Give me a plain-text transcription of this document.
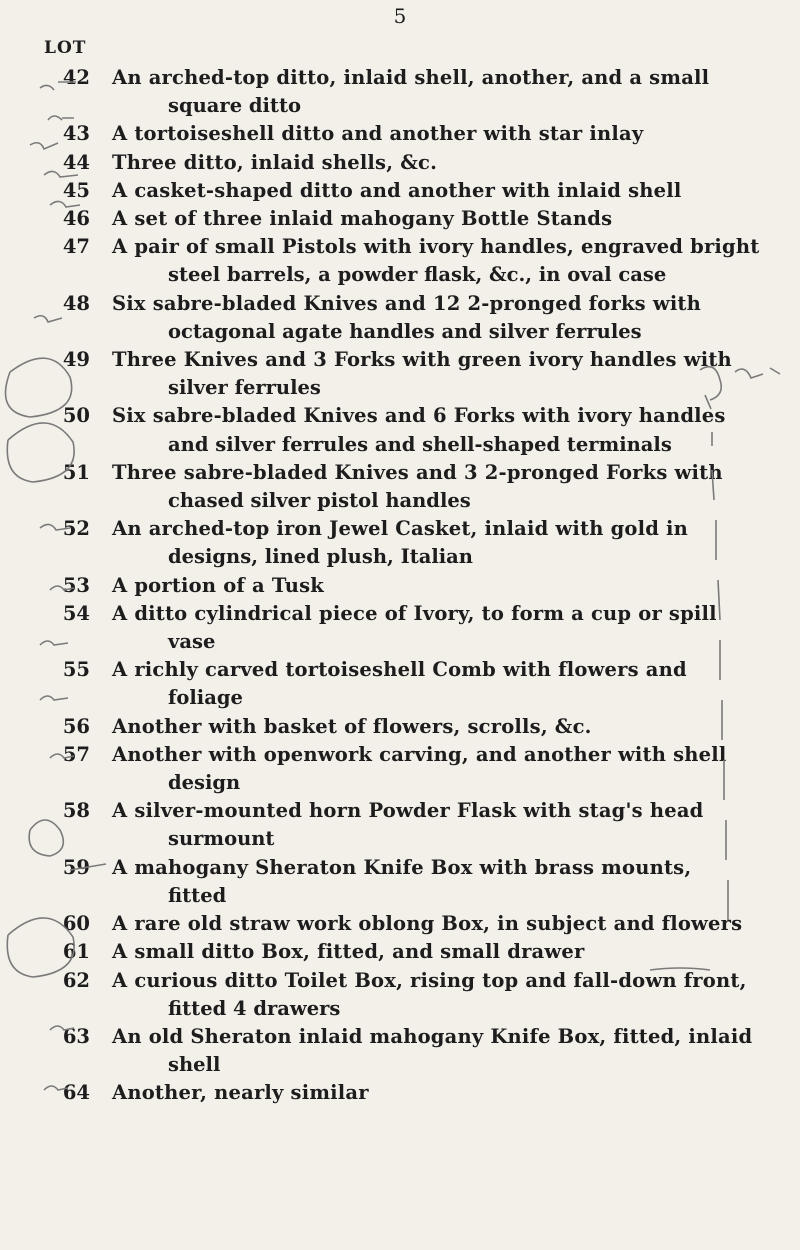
5
LOT
42 An arched-top ditto, inlaid shell, another, and a small
square ditto
43 A tortoiseshell ditto and another with star inlay
44 Three ditto, inlaid shells, &c.
45 A casket-shaped ditto and another with inlaid shell
46 A set of three inlaid mahogany Bottle Stands
47 A pair of small Pistols with ivory handles, engraved bright
steel barrels, a powder flask, &c., in oval case
48 Six sabre-bladed Knives and 12 2-pronged forks with
octagonal agate handles and silver ferrules
49 Three Knives and 3 Forks with green ivory handles with
silver ferrules
50 Six sabre-bladed Knives and 6 Forks with ivory handles
and silver ferrules and shell-shaped terminals
51 Three sabre-bladed Knives and 3 2-pronged Forks with
chased silver pistol handles
52 An arched-top iron Jewel Casket, inlaid with gold in
designs, lined plush, Italian
53 A portion of a Tusk
54 A ditto cylindrical piece of Ivory, to form a cup or spill
vase
55 A richly carved tortoiseshell Comb with flowers and
foliage
56 Another with basket of flowers, scrolls, &c.
57 Another with openwork carving, and another with shell
design
58 A silver-mounted horn Powder Flask with stag's head
surmount
59 A mahogany Sheraton Knife Box with brass mounts,
fitted
60 A rare old straw work oblong Box, in subject and flowers
61 A small ditto Box, fitted, and small drawer
62 A curious ditto Toilet Box, rising top and fall-down front,
fitted 4 drawers
63 An old Sheraton inlaid mahogany Knife Box, fitted, inlaid
shell
64 Another, nearly similar
